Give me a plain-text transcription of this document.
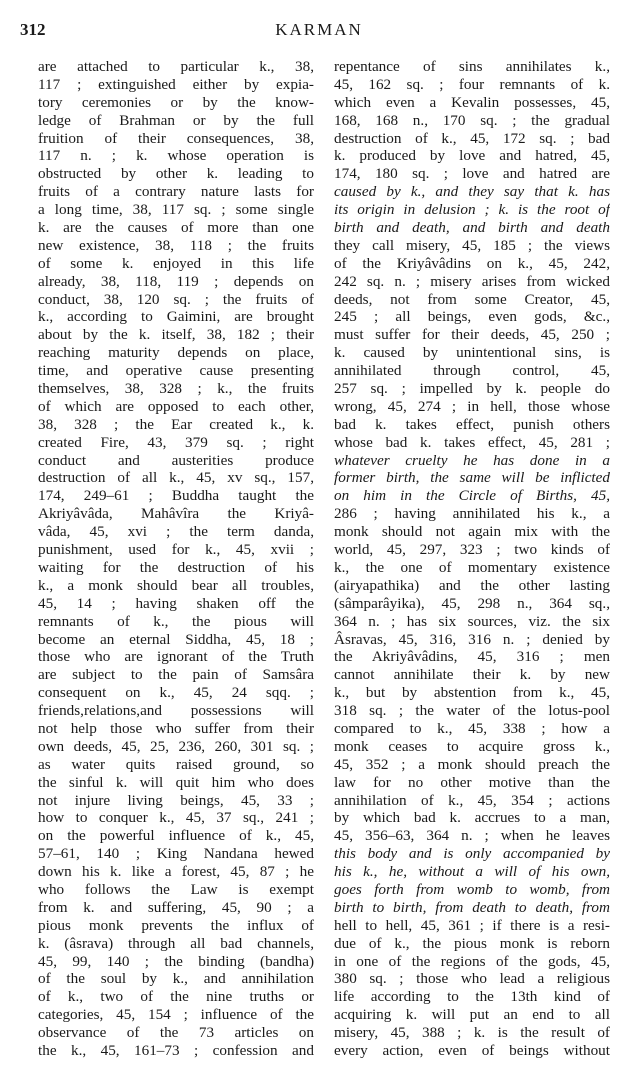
312	KARMAN
are attached to particular k., 38,
117 ; extinguished either by expia-
tory ceremonies or by the know-
ledge of Brahman or by the full
fruition of their consequences, 38,
117 n. ; k. whose operation is
obstructed by other k. leading to
fruits of a contrary nature lasts for
a long time, 38, 117 sq. ; some single
k. are the causes of more than one
new existence, 38, 118 ; the fruits
of some k. enjoyed in this life
already, 38, 118, 119 ; depends on
conduct, 38, 120 sq. ; the fruits of
k., according to Gaimini, are brought
about by the k. itself, 38, 182 ; their
reaching maturity depends on place,
time, and operative cause presenting
themselves, 38, 328 ; k., the fruits
of which are opposed to each other,
38, 328 ; the Ear created k., k.
created Fire, 43, 379 sq. ; right
conduct and austerities produce
destruction of all k., 45, xv sq., 157,
174, 249–61 ; Buddha taught the
Akriyâvâda, Mahâvîra the Kriyâ-
vâda, 45, xvi ; the term danda,
punishment, used for k., 45, xvii ;
waiting for the destruction of his
k., a monk should bear all troubles,
45, 14 ; having shaken off the
remnants of k., the pious will
become an eternal Siddha, 45, 18 ;
those who are ignorant of the Truth
are subject to the pain of Samsâra
consequent on k., 45, 24 sqq. ;
friends,relations,and possessions will
not help those who suffer from their
own deeds, 45, 25, 236, 260, 301 sq. ;
as water quits raised ground, so
the sinful k. will quit him who does
not injure living beings, 45, 33 ;
how to conquer k., 45, 37 sq., 241 ;
on the powerful influence of k., 45,
57–61, 140 ; King Nandana hewed
down his k. like a forest, 45, 87 ; he
who follows the Law is exempt
from k. and suffering, 45, 90 ; a
pious monk prevents the influx of
k. (âsrava) through all bad channels,
45, 99, 140 ; the binding (bandha)
of the soul by k., and annihilation
of k., two of the nine truths or
categories, 45, 154 ; influence of the
observance of the 73 articles on
the k., 45, 161–73 ; confession and
repentance of sins annihilates k.,
45, 162 sq. ; four remnants of k.
which even a Kevalin possesses, 45,
168, 168 n., 170 sq. ; the gradual
destruction of k., 45, 172 sq. ; bad
k. produced by love and hatred, 45,
174, 180 sq. ; love and hatred are
caused by k., and they say that k. has
its origin in delusion ; k. is the root of
birth and death, and birth and death
they call misery, 45, 185 ; the views
of the Kriyâvâdins on k., 45, 242,
242 sq. n. ; misery arises from wicked
deeds, not from some Creator, 45,
245 ; all beings, even gods, &c.,
must suffer for their deeds, 45, 250 ;
k. caused by unintentional sins, is
annihilated through control, 45,
257 sq. ; impelled by k. people do
wrong, 45, 274 ; in hell, those whose
bad k. takes effect, punish others
whose bad k. takes effect, 45, 281 ;
whatever cruelty he has done in a
former birth, the same will be inflicted
on him in the Circle of Births, 45,
286 ; having annihilated his k., a
monk should not again mix with the
world, 45, 297, 323 ; two kinds of
k., the one of momentary existence
(airyapathika) and the other lasting
(sâmparâyika), 45, 298 n., 364 sq.,
364 n. ; has six sources, viz. the six
Âsravas, 45, 316, 316 n. ; denied by
the Akriyâvâdins, 45, 316 ; men
cannot annihilate their k. by new
k., but by abstention from k., 45,
318 sq. ; the water of the lotus-pool
compared to k., 45, 338 ; how a
monk ceases to acquire gross k.,
45, 352 ; a monk should preach the
law for no other motive than the
annihilation of k., 45, 354 ; actions
by which bad k. accrues to a man,
45, 356–63, 364 n. ; when he leaves
this body and is only accompanied by
his k., he, without a will of his own,
goes forth from womb to womb, from
birth to birth, from death to death, from
hell to hell, 45, 361 ; if there is a resi-
due of k., the pious monk is reborn
in one of the regions of the gods, 45,
380 sq. ; those who lead a religious
life according to the 13th kind of
acquiring k. will put an end to all
misery, 45, 388 ; k. is the result of
every action, even of beings without
